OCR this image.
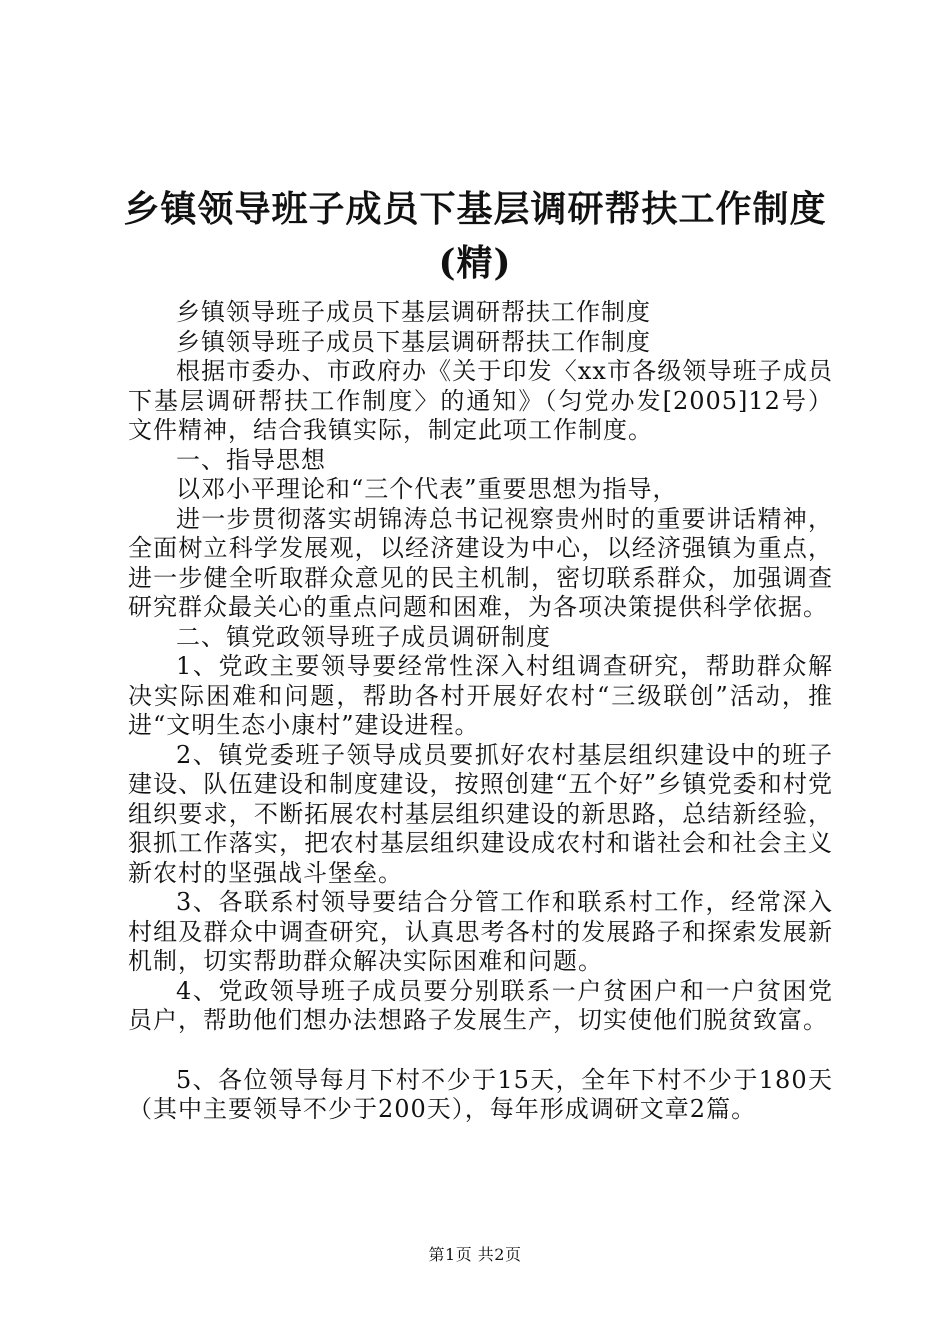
乡镇领导班子成员下基层调研帮扶工作制度
(精)

乡镇领导班子成员下基层调研帮扶工作制度

乡镇领导班子成员下基层调研帮扶工作制度

根据市委办、市政府办《关于印发〈xx市各级领导班子成员下基层调研帮扶工作制度〉的通知》（匀党办发[2005]12号）文件精神，结合我镇实际，制定此项工作制度。

一、指导思想

以邓小平理论和“三个代表”重要思想为指导，

进一步贯彻落实胡锦涛总书记视察贵州时的重要讲话精神，全面树立科学发展观，以经济建设为中心，以经济强镇为重点，进一步健全听取群众意见的民主机制，密切联系群众，加强调查研究群众最关心的重点问题和困难，为各项决策提供科学依据。

二、镇党政领导班子成员调研制度

1、党政主要领导要经常性深入村组调查研究，帮助群众解决实际困难和问题，帮助各村开展好农村“三级联创”活动，推进“文明生态小康村”建设进程。

2、镇党委班子领导成员要抓好农村基层组织建设中的班子建设、队伍建设和制度建设，按照创建“五个好”乡镇党委和村党组织要求，不断拓展农村基层组织建设的新思路，总结新经验，狠抓工作落实，把农村基层组织建设成农村和谐社会和社会主义新农村的坚强战斗堡垒。

3、各联系村领导要结合分管工作和联系村工作，经常深入村组及群众中调查研究，认真思考各村的发展路子和探索发展新机制，切实帮助群众解决实际困难和问题。

4、党政领导班子成员要分别联系一户贫困户和一户贫困党员户，帮助他们想办法想路子发展生产，切实使他们脱贫致富。

5、各位领导每月下村不少于15天，全年下村不少于180天（其中主要领导不少于200天），每年形成调研文章2篇。

第1页 共2页
